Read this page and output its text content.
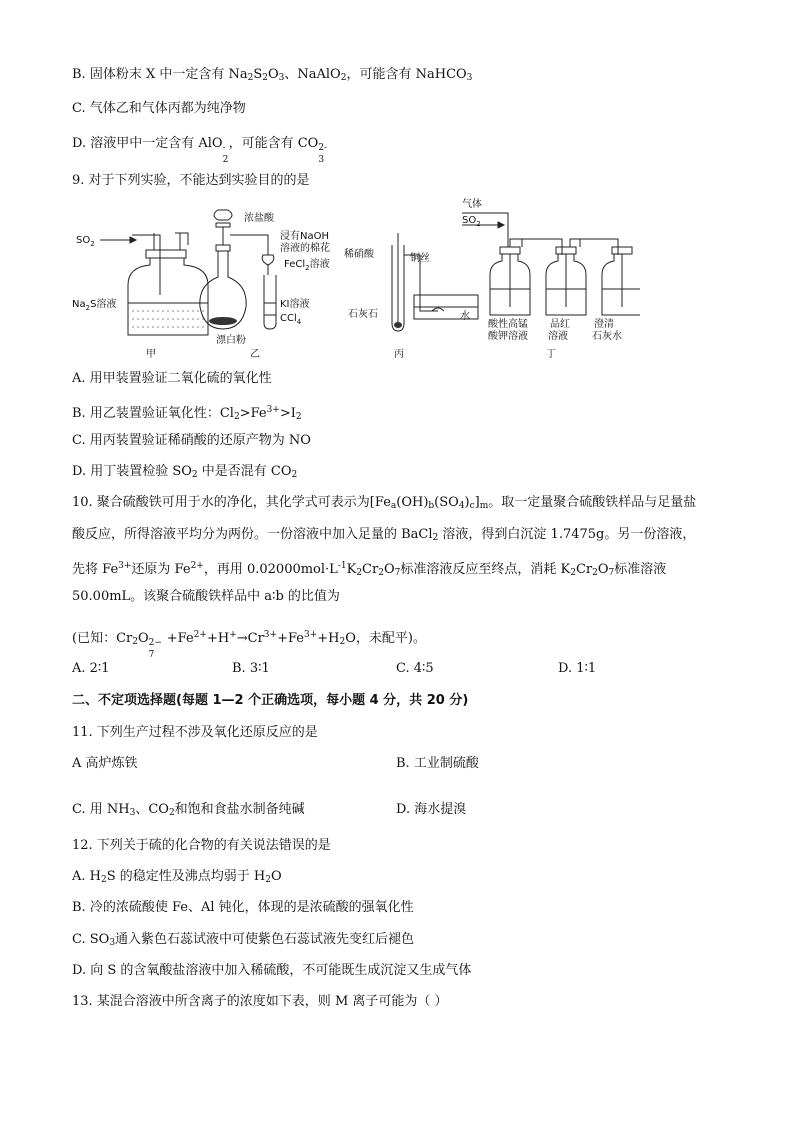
B. 固体粉末 X 中一定含有 $Na_2S_2O_3$、NaAlO$_2$，可能含有 NaHCO$_3$
C. 气体乙和气体丙都为纯净物
D. 溶液甲中一定含有 AlO -
2
，可能含有 CO 2-
3
9. 对于下列实验，不能达到实验目的的是
$SO_2$
$Na_2S$溶液
甲
浓盐酸
浸有NaOH
溶液的棉花
FeCl$_2$溶液
KI溶液
CCl$_4$
漂白粉
乙
稀硝酸	铜丝
石灰石	水
丙
气体
$SO_2$
酸性高锰
酸钾溶液
品红
溶液
澄清
石灰水
丁
A. 用甲装置验证二氧化硫的氧化性
B. 用乙装置验证氧化性：$Cl_2>Fe^{3+}>I_2$
C. 用丙装置验证稀硝酸的还原产物为 NO
D. 用丁装置检验 $SO_2$ 中是否混有 $CO_2$
10. 聚合硫酸铁可用于水的净化，其化学式可表示为$[Fe_a(OH)_b(SO_4)_c]_m$。取一定量聚合硫酸铁样品与足量盐
酸反应，所得溶液平均分为两份。一份溶液中加入足量的 BaCl$_2$ 溶液，得到白沉淀 1.7475g。另一份溶液，
先将 $Fe^{3+}$还原为 $Fe^{2+}$，再用 $0.02000mol\cdot L^{-1}K_2Cr_2O_7$标准溶液反应至终点，消耗 $K_2Cr_2O_7$标准溶液
50.00mL。该聚合硫酸铁样品中 a∶b 的比值为
(已知：$Cr_2O$ 2−
7
$+Fe^{2+}+H^+\to Cr^{3+}+Fe^{3+}+H_2O$，未配平)。
A. 2∶1	B. 3∶1	C. 4∶5	D. 1∶1
二、不定项选择题(每题 1—2 个正确选项，每小题 4 分，共 20 分)
11. 下列生产过程不涉及氧化还原反应的是
A 高炉炼铁	B. 工业制硫酸
C. 用 $NH_3$、$CO_2$和饱和食盐水制备纯碱	D. 海水提溴
12. 下列关于硫的化合物的有关说法错误的是
A. $H_2S$ 的稳定性及沸点均弱于 $H_2O$
B. 冷的浓硫酸使 Fe、Al 钝化，体现的是浓硫酸的强氧化性
C. $SO_3$通入紫色石蕊试液中可使紫色石蕊试液先变红后褪色
D. 向 S 的含氧酸盐溶液中加入稀硫酸，不可能既生成沉淀又生成气体
13. 某混合溶液中所含离子的浓度如下表，则 M 离子可能为（ ）
